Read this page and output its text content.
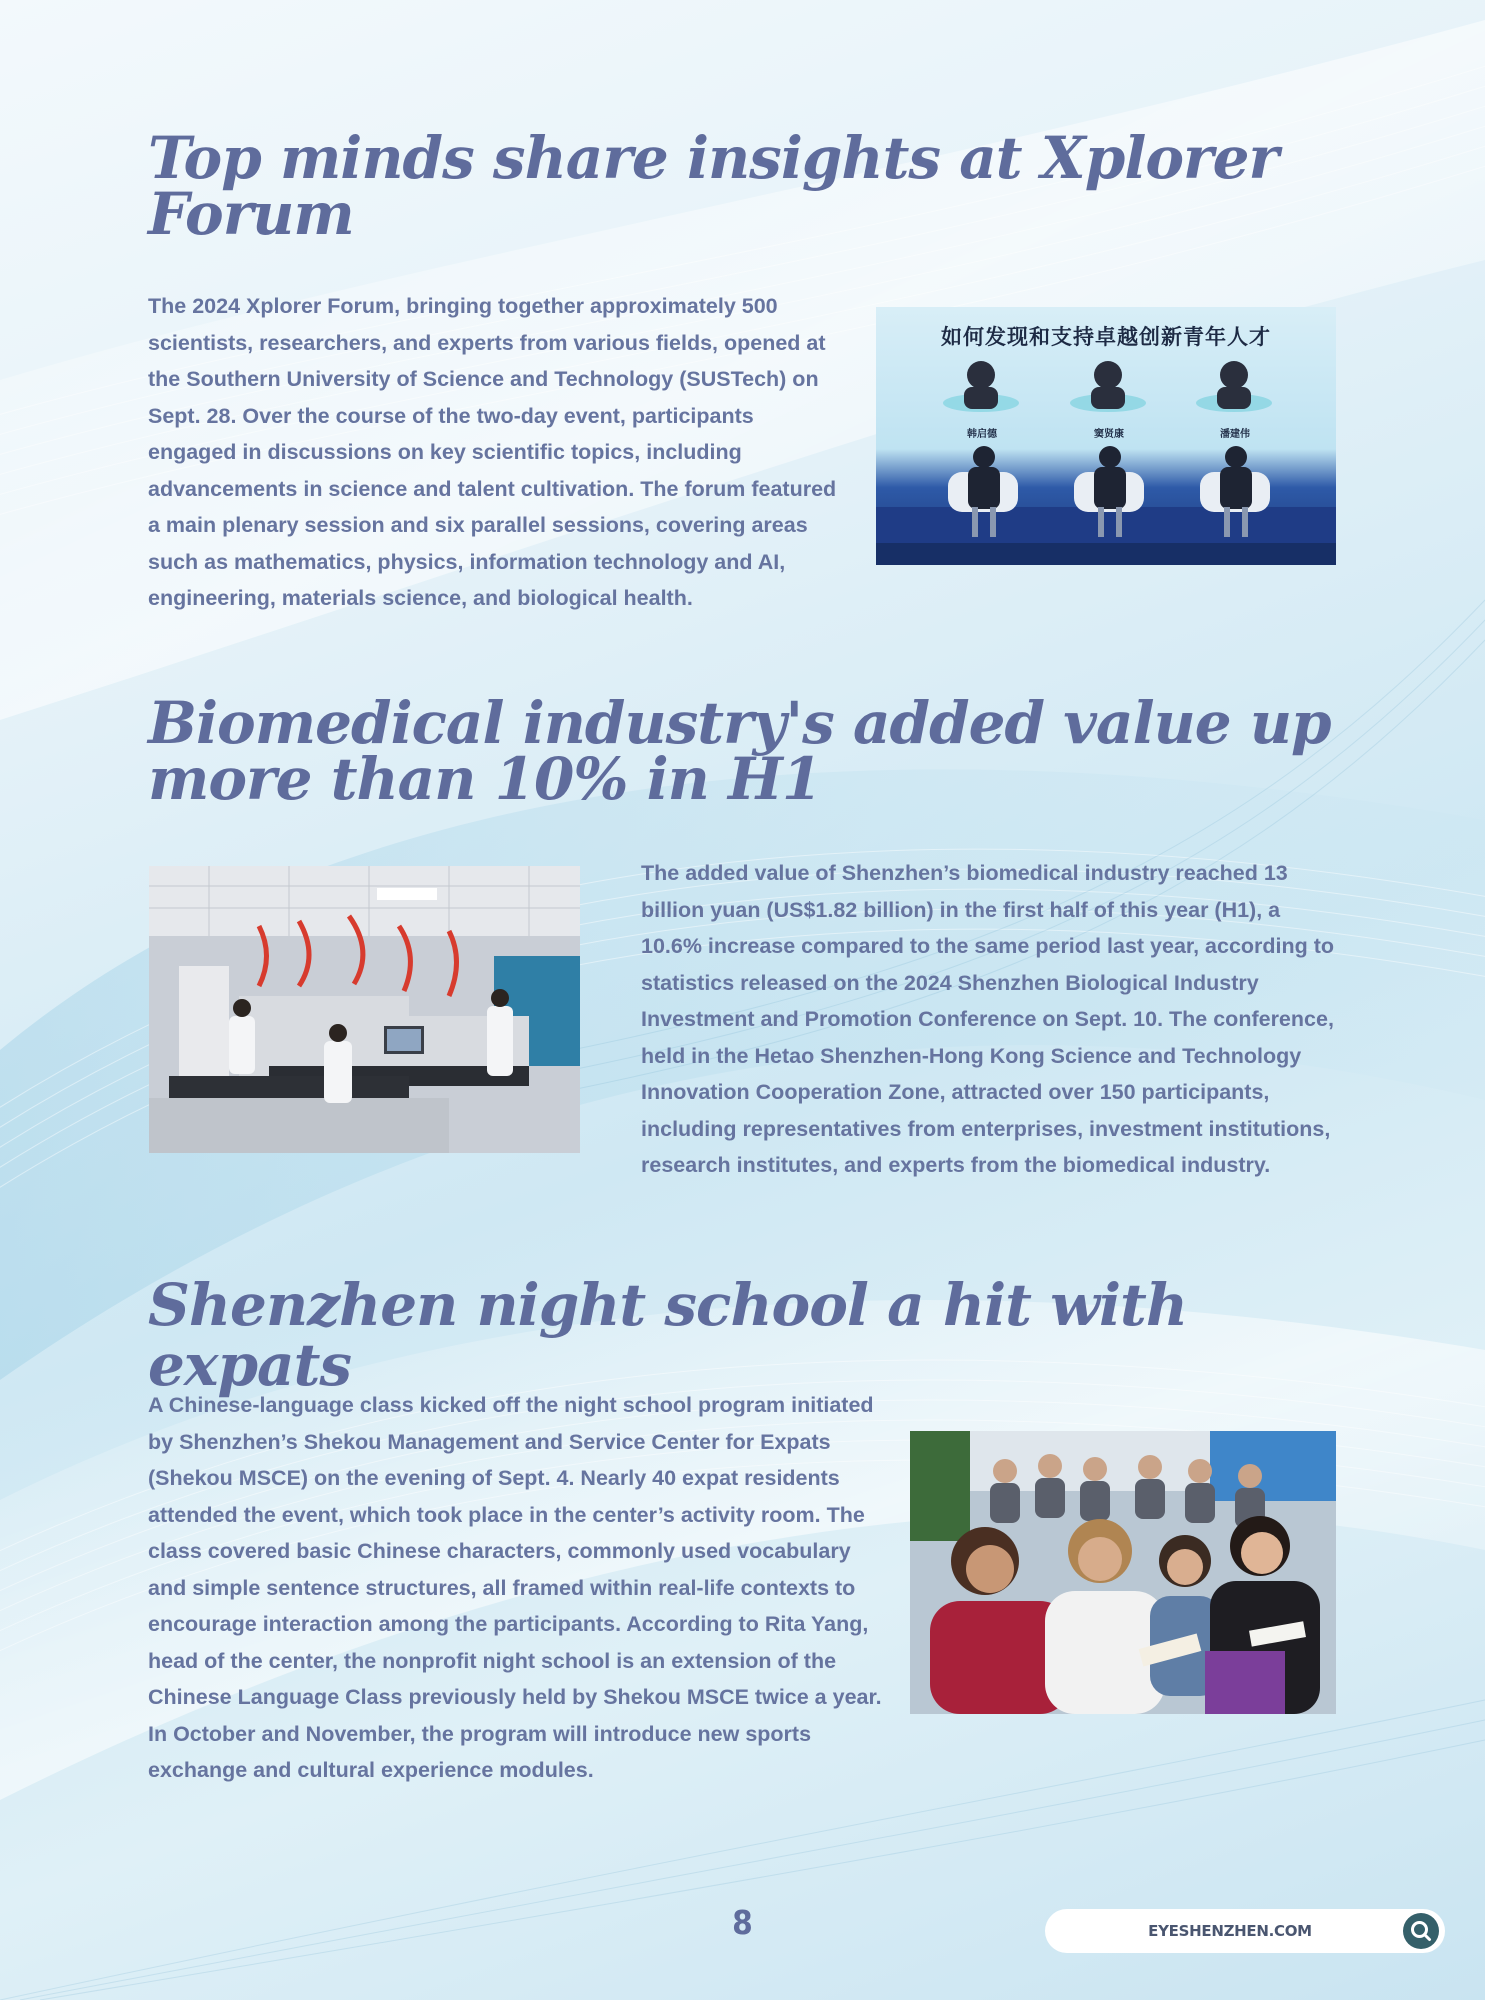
Top minds share insights at Xplorer Forum

The 2024 Xplorer Forum, bringing together approximately 500 scientists, researchers, and experts from various fields, opened at the Southern University of Science and Technology (SUSTech) on Sept. 28. Over the course of the two-day event, participants engaged in discussions on key scientific topics, including advancements in science and talent cultivation. The forum featured a main plenary session and six parallel sessions, covering areas such as mathematics, physics, information technology and AI, engineering, materials science, and biological health.

如何发现和支持卓越创新青年人才
韩启德	窦贤康	潘建伟
Biomedical industry's added value up more than 10% in H1

The added value of Shenzhen’s biomedical industry reached 13 billion yuan (US$1.82 billion) in the first half of this year (H1), a 10.6% increase compared to the same period last year, according to statistics released on the 2024 Shenzhen Biological Industry Investment and Promotion Conference on Sept. 10. The conference, held in the Hetao Shenzhen-Hong Kong Science and Technology Innovation Cooperation Zone, attracted over 150 participants, including representatives from enterprises, investment institutions, research institutes, and experts from the biomedical industry.

Shenzhen night school a hit with expats

A Chinese-language class kicked off the night school program initiated by Shenzhen’s Shekou Management and Service Center for Expats (Shekou MSCE) on the evening of Sept. 4. Nearly 40 expat residents attended the event, which took place in the center’s activity room. The class covered basic Chinese characters, commonly used vocabulary and simple sentence structures, all framed within real-life contexts to encourage interaction among the participants. According to Rita Yang, head of the center, the nonprofit night school is an extension of the Chinese Language Class previously held by Shekou MSCE twice a year. In October and November, the program will introduce new sports exchange and cultural experience modules.

8	EYESHENZHEN.COM
